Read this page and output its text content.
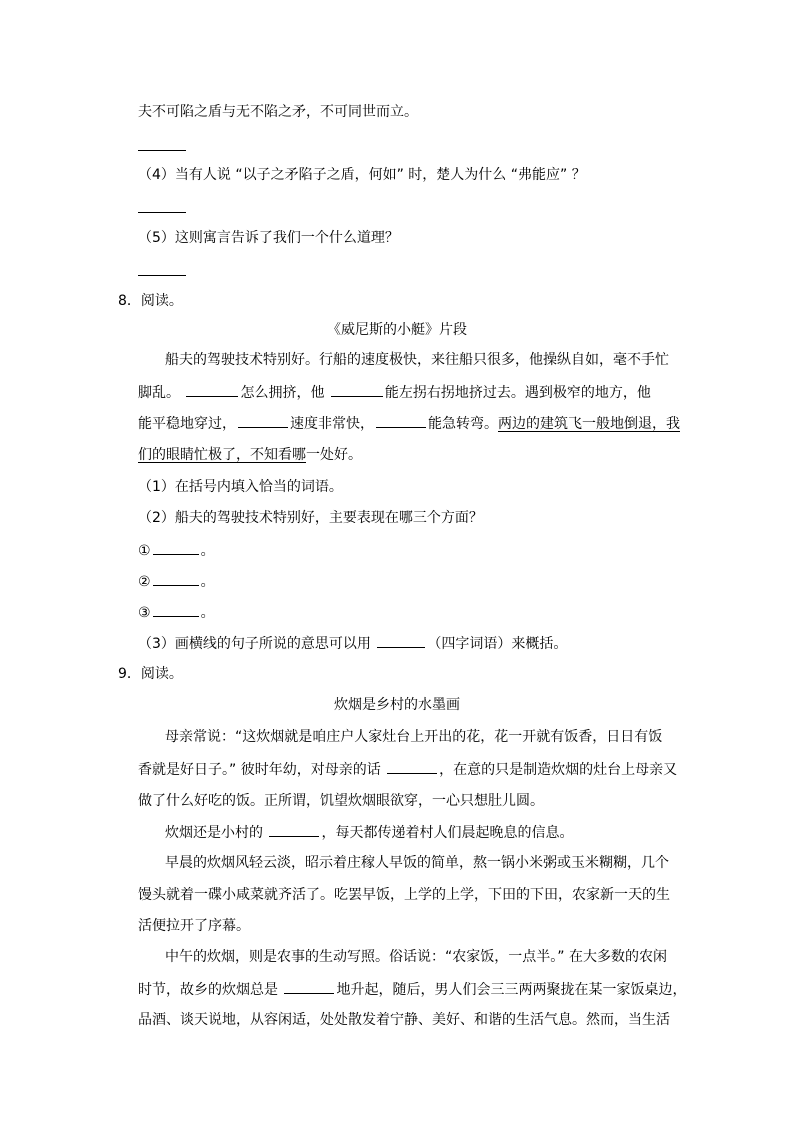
夫不可陷之盾与无不陷之矛，不可同世而立。
（4）当有人说 “以子之矛陷子之盾，何如” 时，楚人为什么 “弗能应” ？
（5）这则寓言告诉了我们一个什么道理？
8．阅读。
《威尼斯的小艇》片段
船夫的驾驶技术特别好。行船的速度极快，来往船只很多，他操纵自如，毫不手忙
脚乱。	怎么拥挤，他	能左拐右拐地挤过去。遇到极窄的地方，他
能平稳地穿过，	速度非常快，	能急转弯。两边的建筑飞一般地倒退，我
们的眼睛忙极了，不知看哪一处好。
（1）在括号内填入恰当的词语。
（2）船夫的驾驶技术特别好，主要表现在哪三个方面？
①	。
②	。
③	。
（3）画横线的句子所说的意思可以用	（四字词语）来概括。
9．阅读。
炊烟是乡村的水墨画
母亲常说：“这炊烟就是咱庄户人家灶台上开出的花，花一开就有饭香，日日有饭
香就是好日子。” 彼时年幼，对母亲的话	，在意的只是制造炊烟的灶台上母亲又
做了什么好吃的饭。正所谓，饥望炊烟眼欲穿，一心只想肚儿圆。
炊烟还是小村的	，每天都传递着村人们晨起晚息的信息。
早晨的炊烟风轻云淡，昭示着庄稼人早饭的简单，熬一锅小米粥或玉米糊糊，几个
馒头就着一碟小咸菜就齐活了。吃罢早饭，上学的上学，下田的下田，农家新一天的生
活便拉开了序幕。
中午的炊烟，则是农事的生动写照。俗话说：“农家饭，一点半。” 在大多数的农闲
时节，故乡的炊烟总是	地升起，随后，男人们会三三两两聚拢在某一家饭桌边，
品酒、谈天说地，从容闲适，处处散发着宁静、美好、和谐的生活气息。然而，当生活
